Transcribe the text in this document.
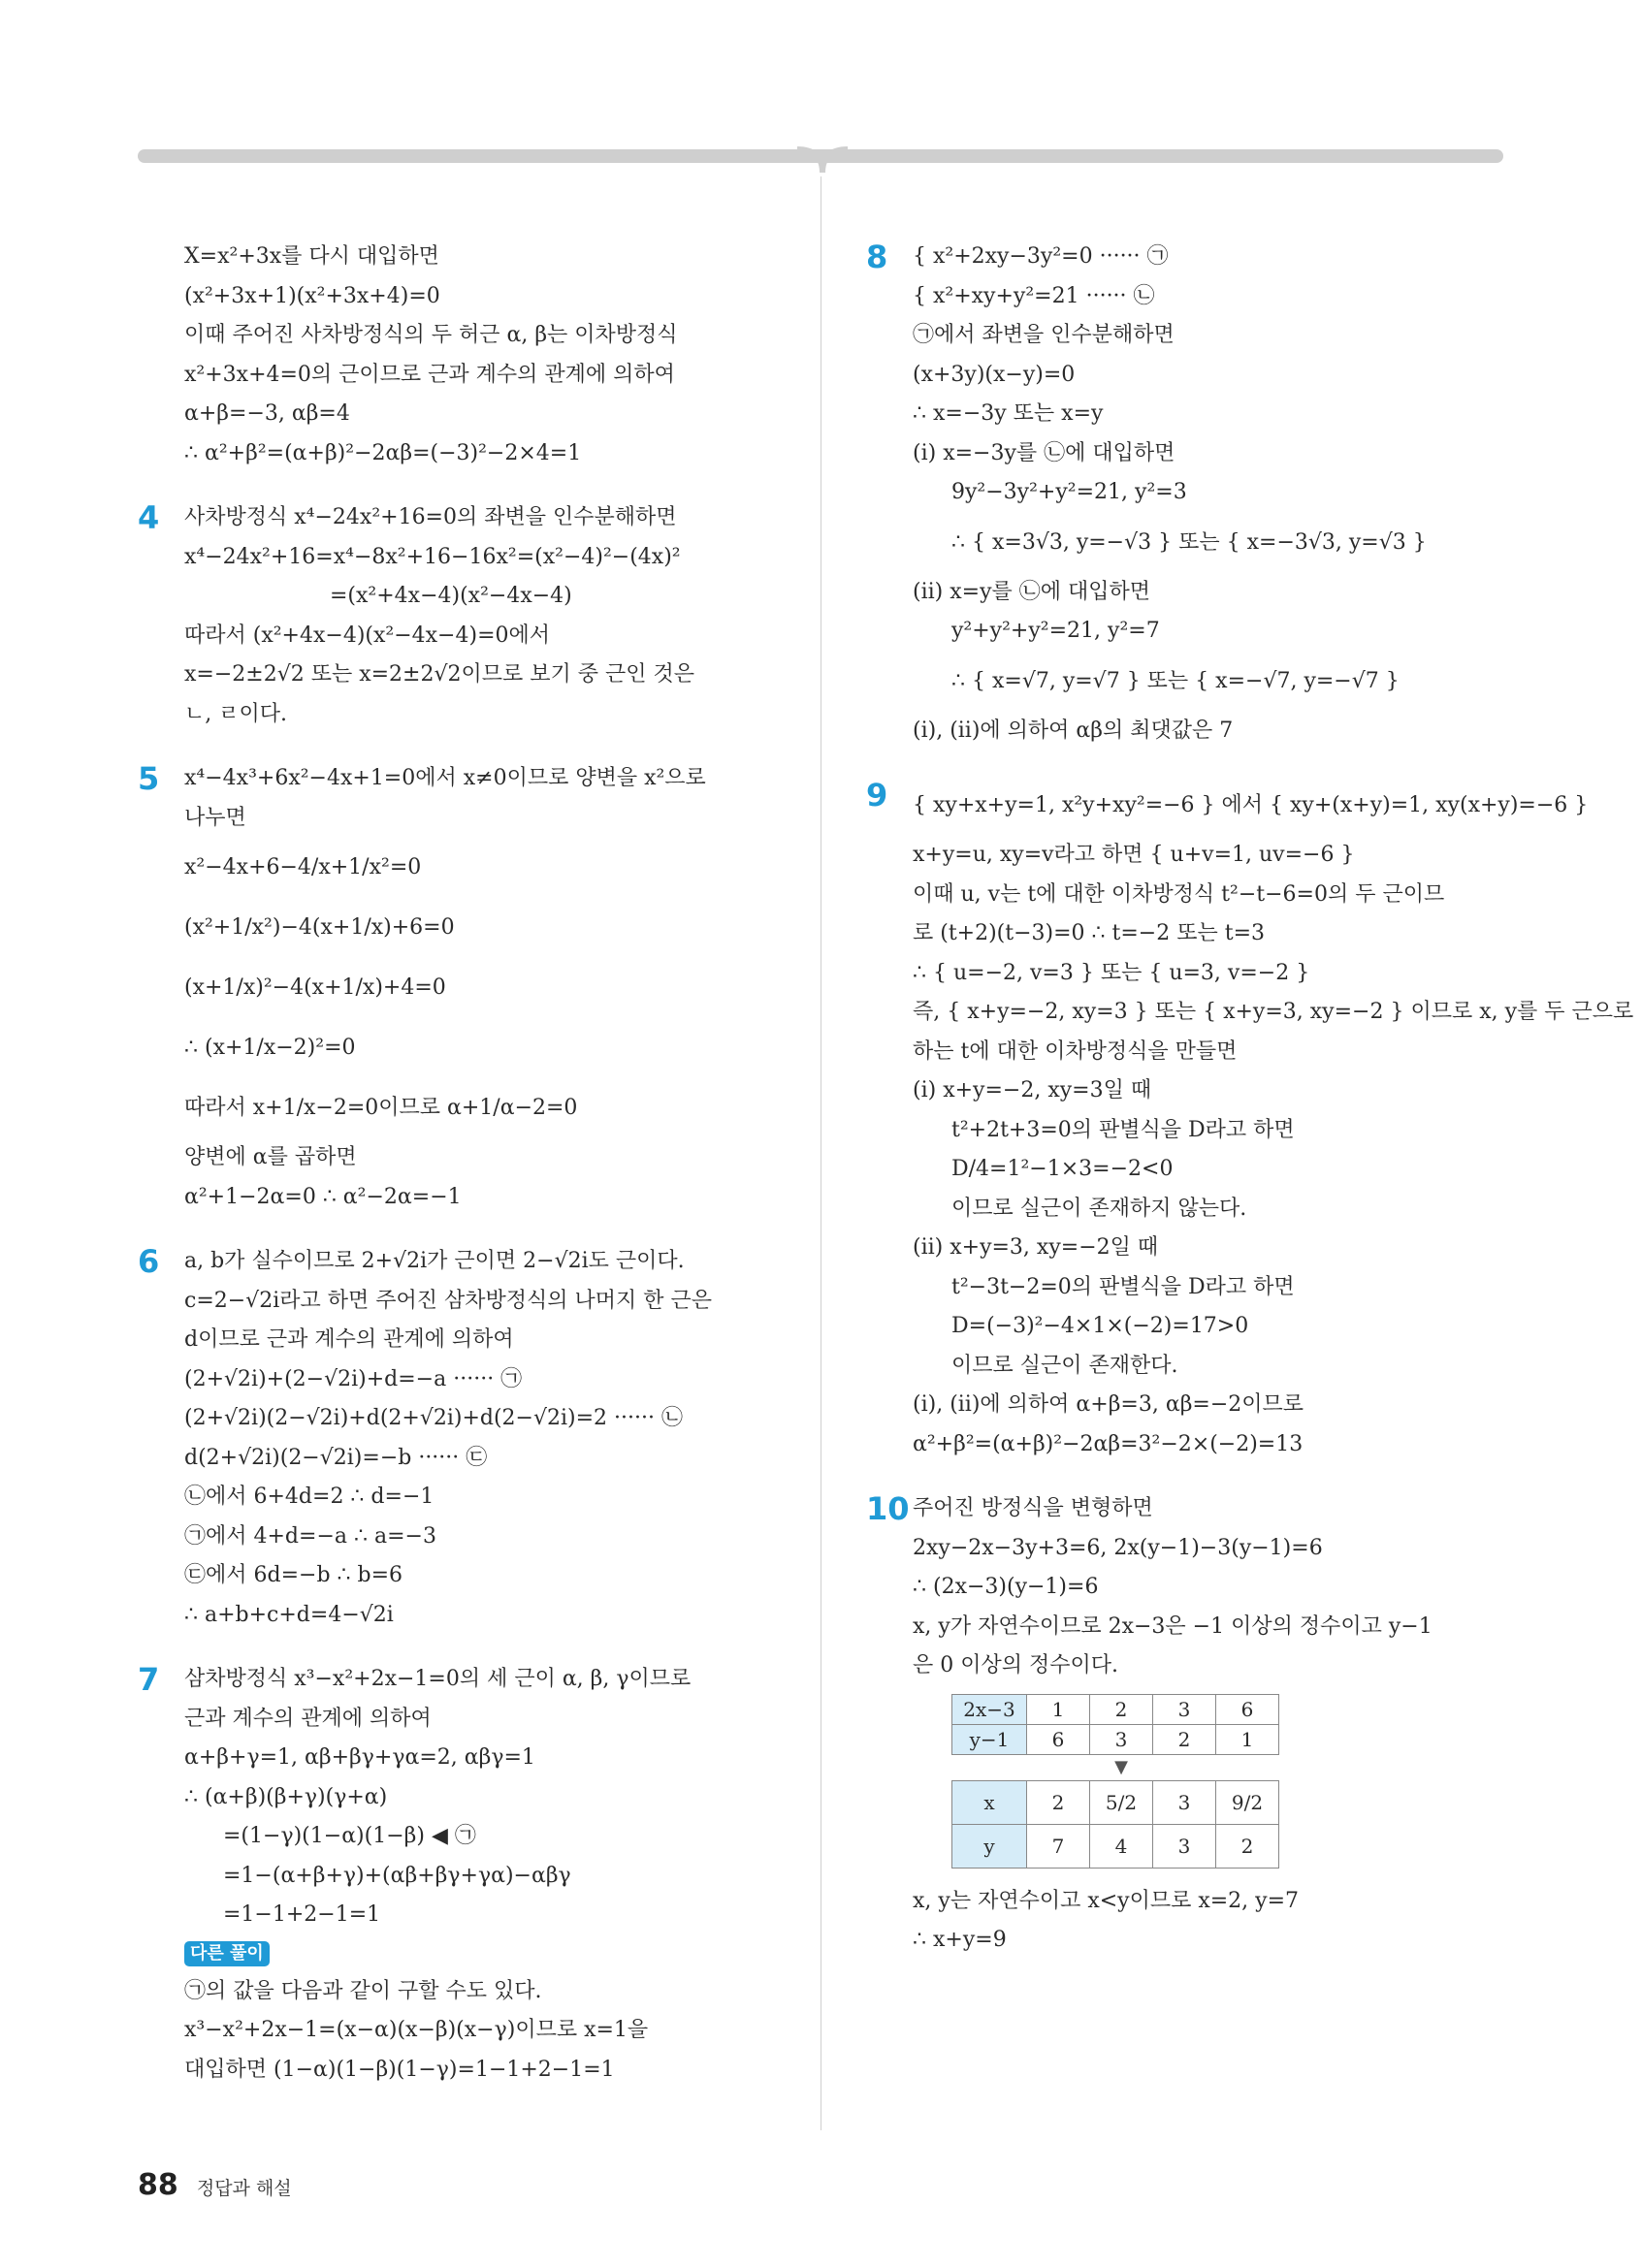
X=x²+3x를 다시 대입하면
(x²+3x+1)(x²+3x+4)=0
이때 주어진 사차방정식의 두 허근 α, β는 이차방정식
x²+3x+4=0의 근이므로 근과 계수의 관계에 의하여
α+β=−3, αβ=4
∴ α²+β²=(α+β)²−2αβ=(−3)²−2×4=1
4 사차방정식 x⁴−24x²+16=0의 좌변을 인수분해하면
x⁴−24x²+16=x⁴−8x²+16−16x²=(x²−4)²−(4x)²
=(x²+4x−4)(x²−4x−4)
따라서 (x²+4x−4)(x²−4x−4)=0에서
x=−2±2√2 또는 x=2±2√2이므로 보기 중 근인 것은
ㄴ, ㄹ이다.
5 x⁴−4x³+6x²−4x+1=0에서 x≠0이므로 양변을 x²으로
나누면
x²−4x+6−4/x+1/x²=0
(x²+1/x²)−4(x+1/x)+6=0
(x+1/x)²−4(x+1/x)+4=0
∴ (x+1/x−2)²=0
따라서 x+1/x−2=0이므로 α+1/α−2=0
양변에 α를 곱하면
α²+1−2α=0 ∴ α²−2α=−1
6 a, b가 실수이므로 2+√2i가 근이면 2−√2i도 근이다.
c=2−√2i라고 하면 주어진 삼차방정식의 나머지 한 근은
d이므로 근과 계수의 관계에 의하여
(2+√2i)+(2−√2i)+d=−a ······ ㉠
(2+√2i)(2−√2i)+d(2+√2i)+d(2−√2i)=2 ······ ㉡
d(2+√2i)(2−√2i)=−b ······ ㉢
㉡에서 6+4d=2 ∴ d=−1
㉠에서 4+d=−a ∴ a=−3
㉢에서 6d=−b ∴ b=6
∴ a+b+c+d=4−√2i
7 삼차방정식 x³−x²+2x−1=0의 세 근이 α, β, γ이므로
근과 계수의 관계에 의하여
α+β+γ=1, αβ+βγ+γα=2, αβγ=1
∴ (α+β)(β+γ)(γ+α)
=(1−γ)(1−α)(1−β) ◀ ㉠
=1−(α+β+γ)+(αβ+βγ+γα)−αβγ
=1−1+2−1=1
다른 풀이
㉠의 값을 다음과 같이 구할 수도 있다.
x³−x²+2x−1=(x−α)(x−β)(x−γ)이므로 x=1을
대입하면 (1−α)(1−β)(1−γ)=1−1+2−1=1
8 { x²+2xy−3y²=0 ······ ㉠
{ x²+xy+y²=21 ······ ㉡
㉠에서 좌변을 인수분해하면
(x+3y)(x−y)=0
∴ x=−3y 또는 x=y
(ⅰ) x=−3y를 ㉡에 대입하면
9y²−3y²+y²=21, y²=3
∴ { x=3√3, y=−√3 } 또는 { x=−3√3, y=√3 }
(ⅱ) x=y를 ㉡에 대입하면
y²+y²+y²=21, y²=7
∴ { x=√7, y=√7 } 또는 { x=−√7, y=−√7 }
(ⅰ), (ⅱ)에 의하여 αβ의 최댓값은 7
9 { xy+x+y=1, x²y+xy²=−6 } 에서 { xy+(x+y)=1, xy(x+y)=−6 }
x+y=u, xy=v라고 하면 { u+v=1, uv=−6 }
이때 u, v는 t에 대한 이차방정식 t²−t−6=0의 두 근이므
로 (t+2)(t−3)=0 ∴ t=−2 또는 t=3
∴ { u=−2, v=3 } 또는 { u=3, v=−2 }
즉, { x+y=−2, xy=3 } 또는 { x+y=3, xy=−2 } 이므로 x, y를 두 근으로
하는 t에 대한 이차방정식을 만들면
(ⅰ) x+y=−2, xy=3일 때
t²+2t+3=0의 판별식을 D라고 하면
D/4=1²−1×3=−2<0
이므로 실근이 존재하지 않는다.
(ⅱ) x+y=3, xy=−2일 때
t²−3t−2=0의 판별식을 D라고 하면
D=(−3)²−4×1×(−2)=17>0
이므로 실근이 존재한다.
(ⅰ), (ⅱ)에 의하여 α+β=3, αβ=−2이므로
α²+β²=(α+β)²−2αβ=3²−2×(−2)=13
10 주어진 방정식을 변형하면
2xy−2x−3y+3=6, 2x(y−1)−3(y−1)=6
∴ (2x−3)(y−1)=6
x, y가 자연수이므로 2x−3은 −1 이상의 정수이고 y−1
은 0 이상의 정수이다.
2x−3	1	2	3	6
y−1	6	3	2	1
▼
x	2	5/2	3	9/2
y	7	4	3	2
x, y는 자연수이고 x<y이므로 x=2, y=7
∴ x+y=9
88 정답과 해설
